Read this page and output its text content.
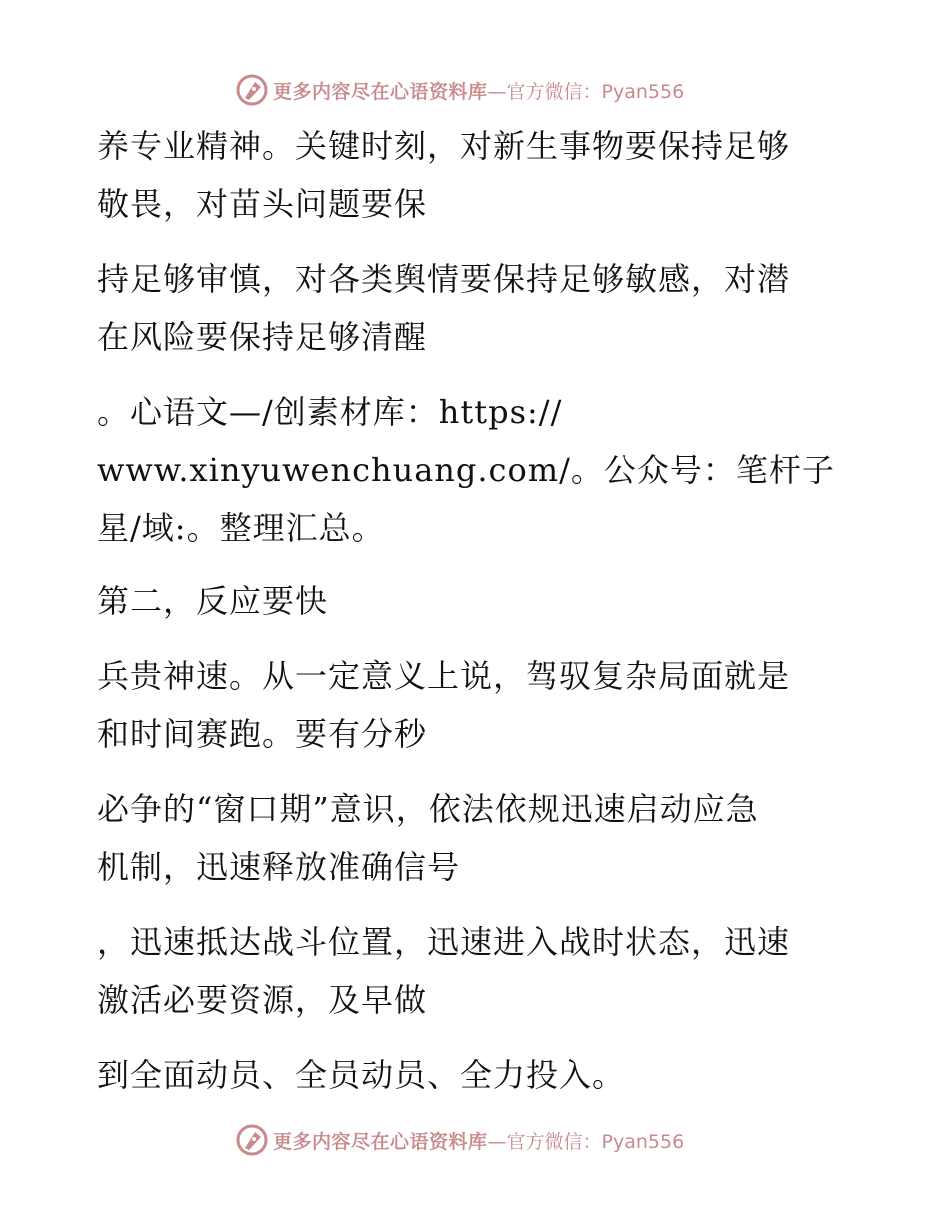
更多内容尽在心语资料库 —官方微信：Pyan556

养专业精神。关键时刻，对新生事物要保持足够

敬畏，对苗头问题要保

持足够审慎，对各类舆情要保持足够敏感，对潜

在风险要保持足够清醒

。心语文—/创素材库：https://

www.xinyuwenchuang.com/。公众号：笔杆子

星/域:。整理汇总。

第二，反应要快

兵贵神速。从一定意义上说，驾驭复杂局面就是

和时间赛跑。要有分秒

必争的“窗口期”意识，依法依规迅速启动应急

机制，迅速释放准确信号

，迅速抵达战斗位置，迅速进入战时状态，迅速

激活必要资源，及早做

到全面动员、全员动员、全力投入。

更多内容尽在心语资料库 —官方微信：Pyan556
